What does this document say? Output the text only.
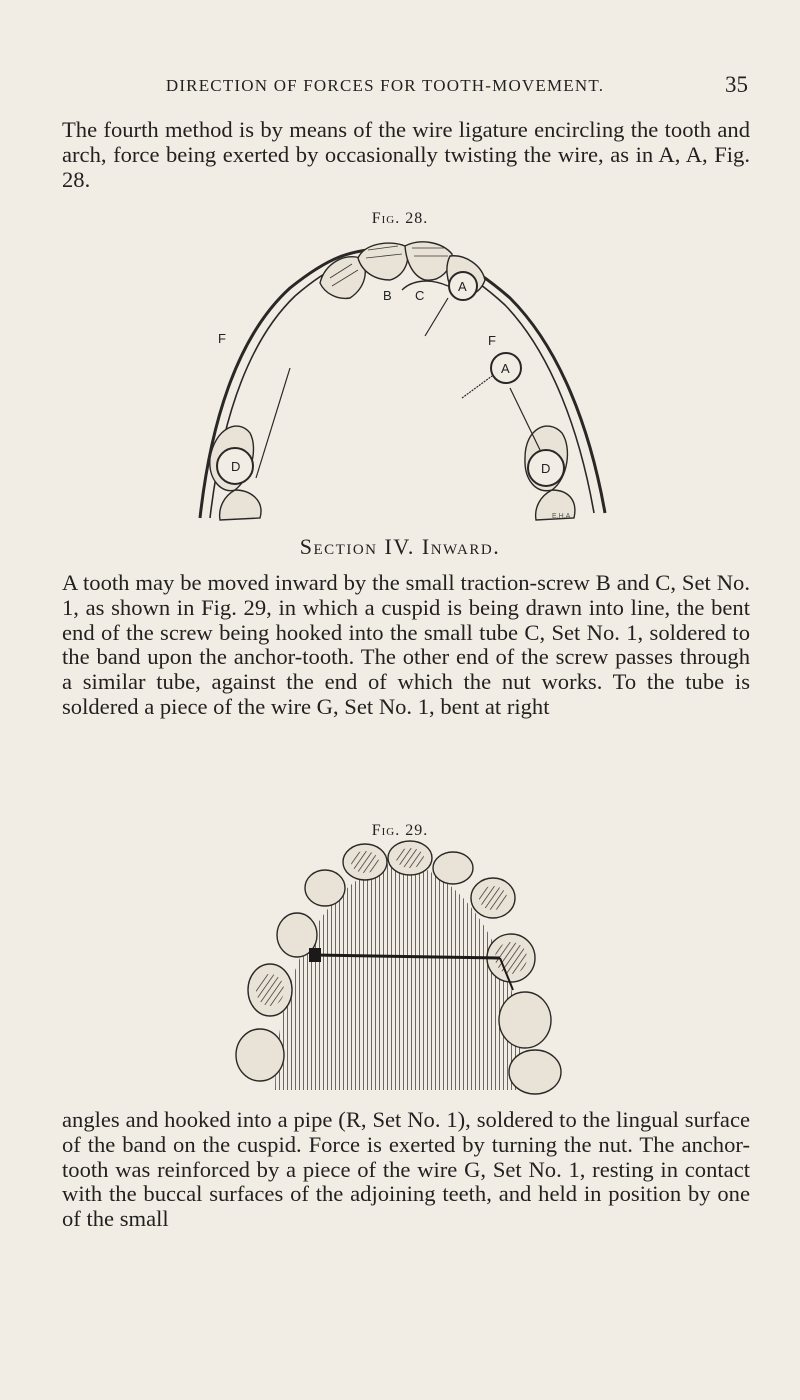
DIRECTION OF FORCES FOR TOOTH-MOVEMENT.	35

The fourth method is by means of the wire ligature encircling the tooth and arch, force being exerted by occasionally twisting the wire, as in A, A, Fig. 28.

Fig. 28.
B C
A
A
F	F
D	D
E.H.A.
Section IV. Inward.

A tooth may be moved inward by the small traction-screw B and C, Set No. 1, as shown in Fig. 29, in which a cuspid is being drawn into line, the bent end of the screw being hooked into the small tube C, Set No. 1, soldered to the band upon the anchor-tooth. The other end of the screw passes through a similar tube, against the end of which the nut works. To the tube is soldered a piece of the wire G, Set No. 1, bent at right

Fig. 29.

angles and hooked into a pipe (R, Set No. 1), soldered to the lingual surface of the band on the cuspid. Force is exerted by turning the nut. The anchor-tooth was reinforced by a piece of the wire G, Set No. 1, resting in contact with the buccal surfaces of the adjoining teeth, and held in position by one of the small
